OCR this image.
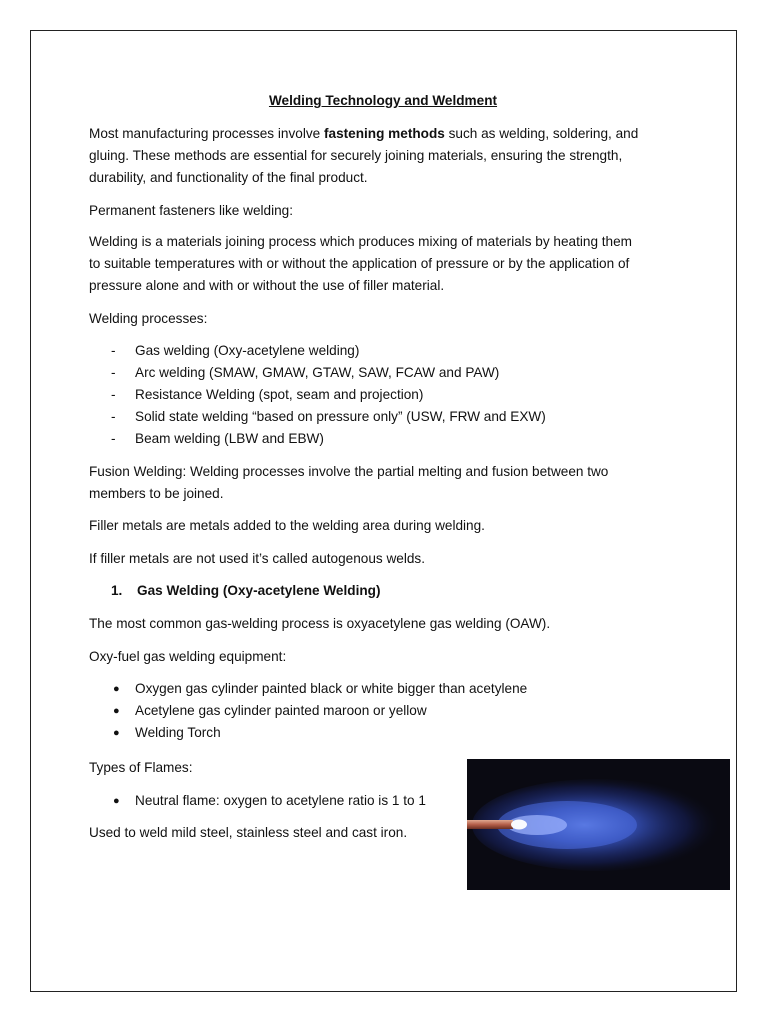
Welding Technology and Weldment
Most manufacturing processes involve fastening methods such as welding, soldering, and
gluing. These methods are essential for securely joining materials, ensuring the strength,
durability, and functionality of the final product.
Permanent fasteners like welding:
Welding is a materials joining process which produces mixing of materials by heating them
to suitable temperatures with or without the application of pressure or by the application of
pressure alone and with or without the use of filler material.
Welding processes:
- Gas welding (Oxy-acetylene welding)
- Arc welding (SMAW, GMAW, GTAW, SAW, FCAW and PAW)
- Resistance Welding (spot, seam and projection)
- Solid state welding “based on pressure only” (USW, FRW and EXW)
- Beam welding (LBW and EBW)
Fusion Welding: Welding processes involve the partial melting and fusion between two
members to be joined.
Filler metals are metals added to the welding area during welding.
If filler metals are not used it’s called autogenous welds.
1. Gas Welding (Oxy-acetylene Welding)
The most common gas-welding process is oxyacetylene gas welding (OAW).
Oxy-fuel gas welding equipment:
● Oxygen gas cylinder painted black or white bigger than acetylene
● Acetylene gas cylinder painted maroon or yellow
● Welding Torch
Types of Flames:
● Neutral flame: oxygen to acetylene ratio is 1 to 1
Used to weld mild steel, stainless steel and cast iron.
